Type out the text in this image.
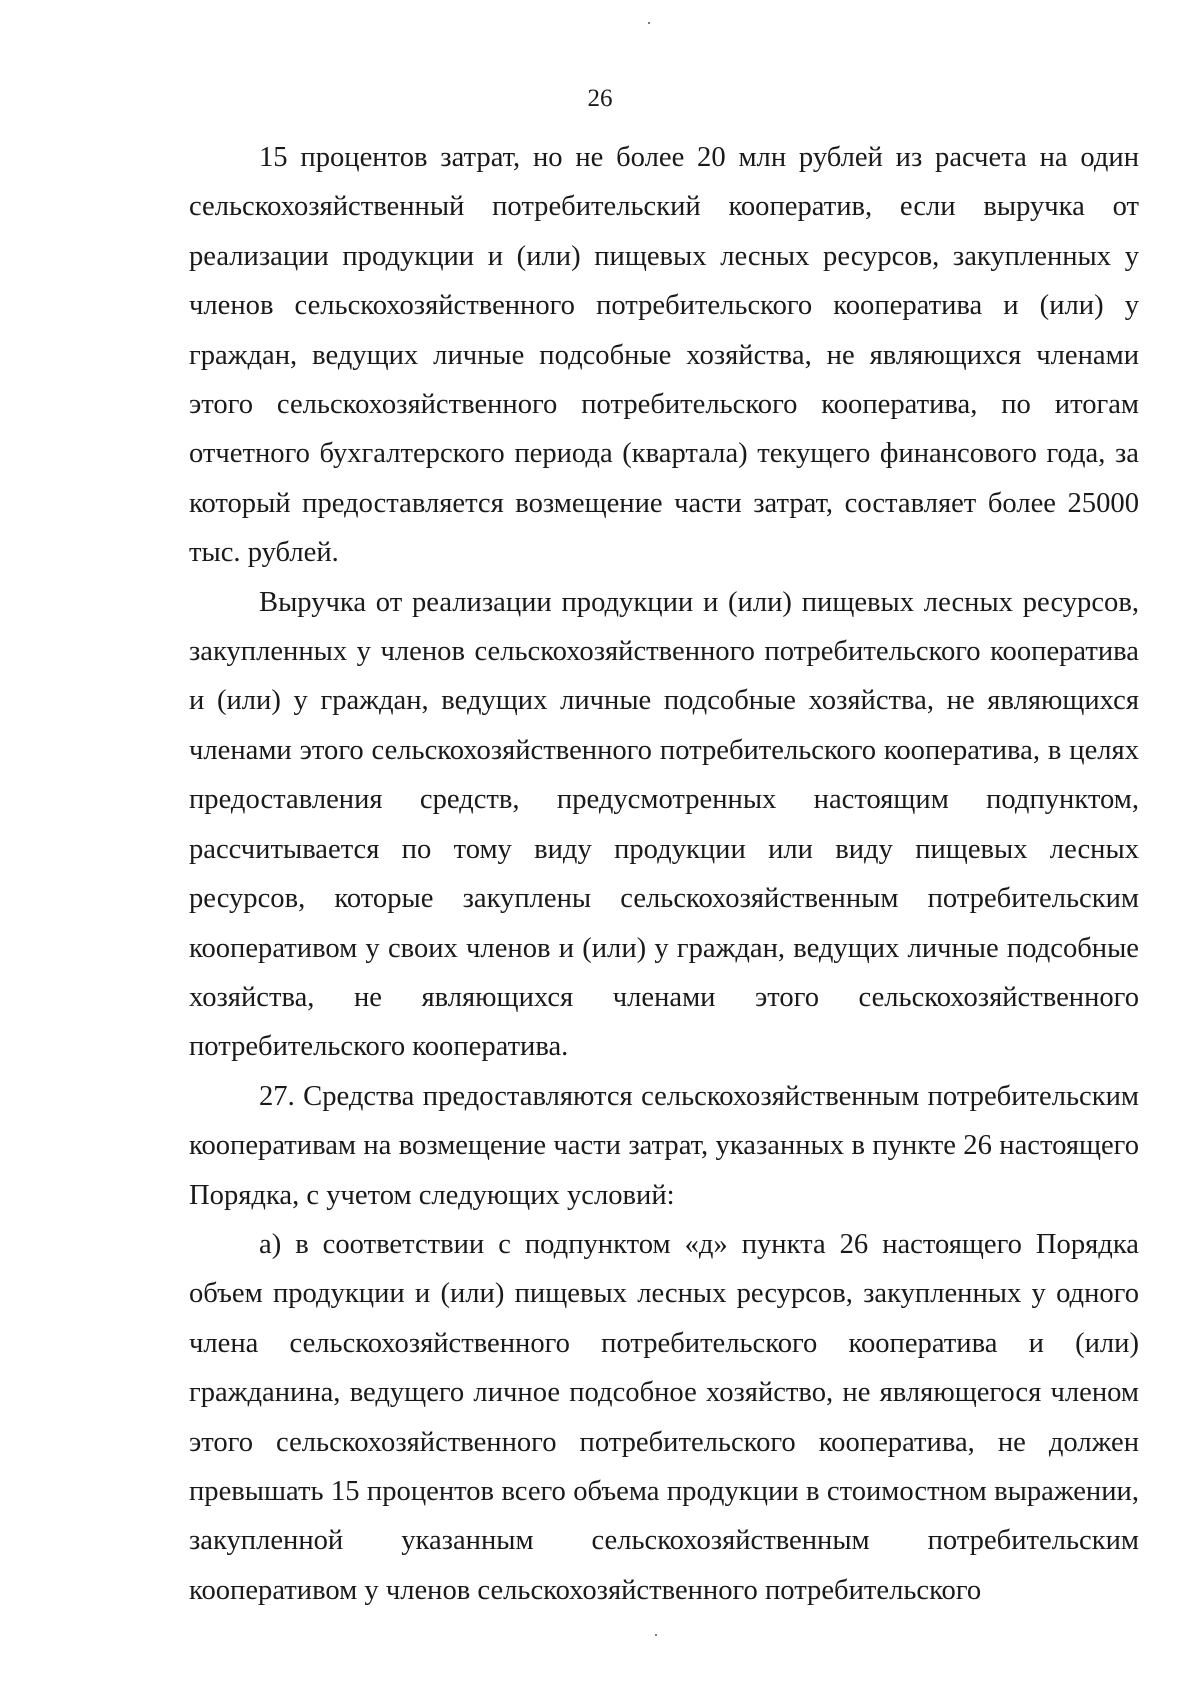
26

15 процентов затрат, но не более 20 млн рублей из расчета на один сельскохозяйственный потребительский кооператив, если выручка от реализации продукции и (или) пищевых лесных ресурсов, закупленных у членов сельскохозяйственного потребительского кооператива и (или) у граждан, ведущих личные подсобные хозяйства, не являющихся членами этого сельскохозяйственного потребительского кооператива, по итогам отчетного бухгалтерского периода (квартала) текущего финансового года, за который предоставляется возмещение части затрат, составляет более 25000 тыс. рублей.

Выручка от реализации продукции и (или) пищевых лесных ресурсов, закупленных у членов сельскохозяйственного потребительского кооператива и (или) у граждан, ведущих личные подсобные хозяйства, не являющихся членами этого сельскохозяйственного потребительского кооператива, в целях предоставления средств, предусмотренных настоящим подпунктом, рассчитывается по тому виду продукции или виду пищевых лесных ресурсов, которые закуплены сельскохозяйственным потребительским кооперативом у своих членов и (или) у граждан, ведущих личные подсобные хозяйства, не являющихся членами этого сельскохозяйственного потребительского кооператива.

27. Средства предоставляются сельскохозяйственным потребительским кооперативам на возмещение части затрат, указанных в пункте 26 настоящего Порядка, с учетом следующих условий:

а) в соответствии с подпунктом «д» пункта 26 настоящего Порядка объем продукции и (или) пищевых лесных ресурсов, закупленных у одного члена сельскохозяйственного потребительского кооператива и (или) гражданина, ведущего личное подсобное хозяйство, не являющегося членом этого сельскохозяйственного потребительского кооператива, не должен превышать 15 процентов всего объема продукции в стоимостном выражении, закупленной указанным сельскохозяйственным потребительским кооперативом у членов сельскохозяйственного потребительского
